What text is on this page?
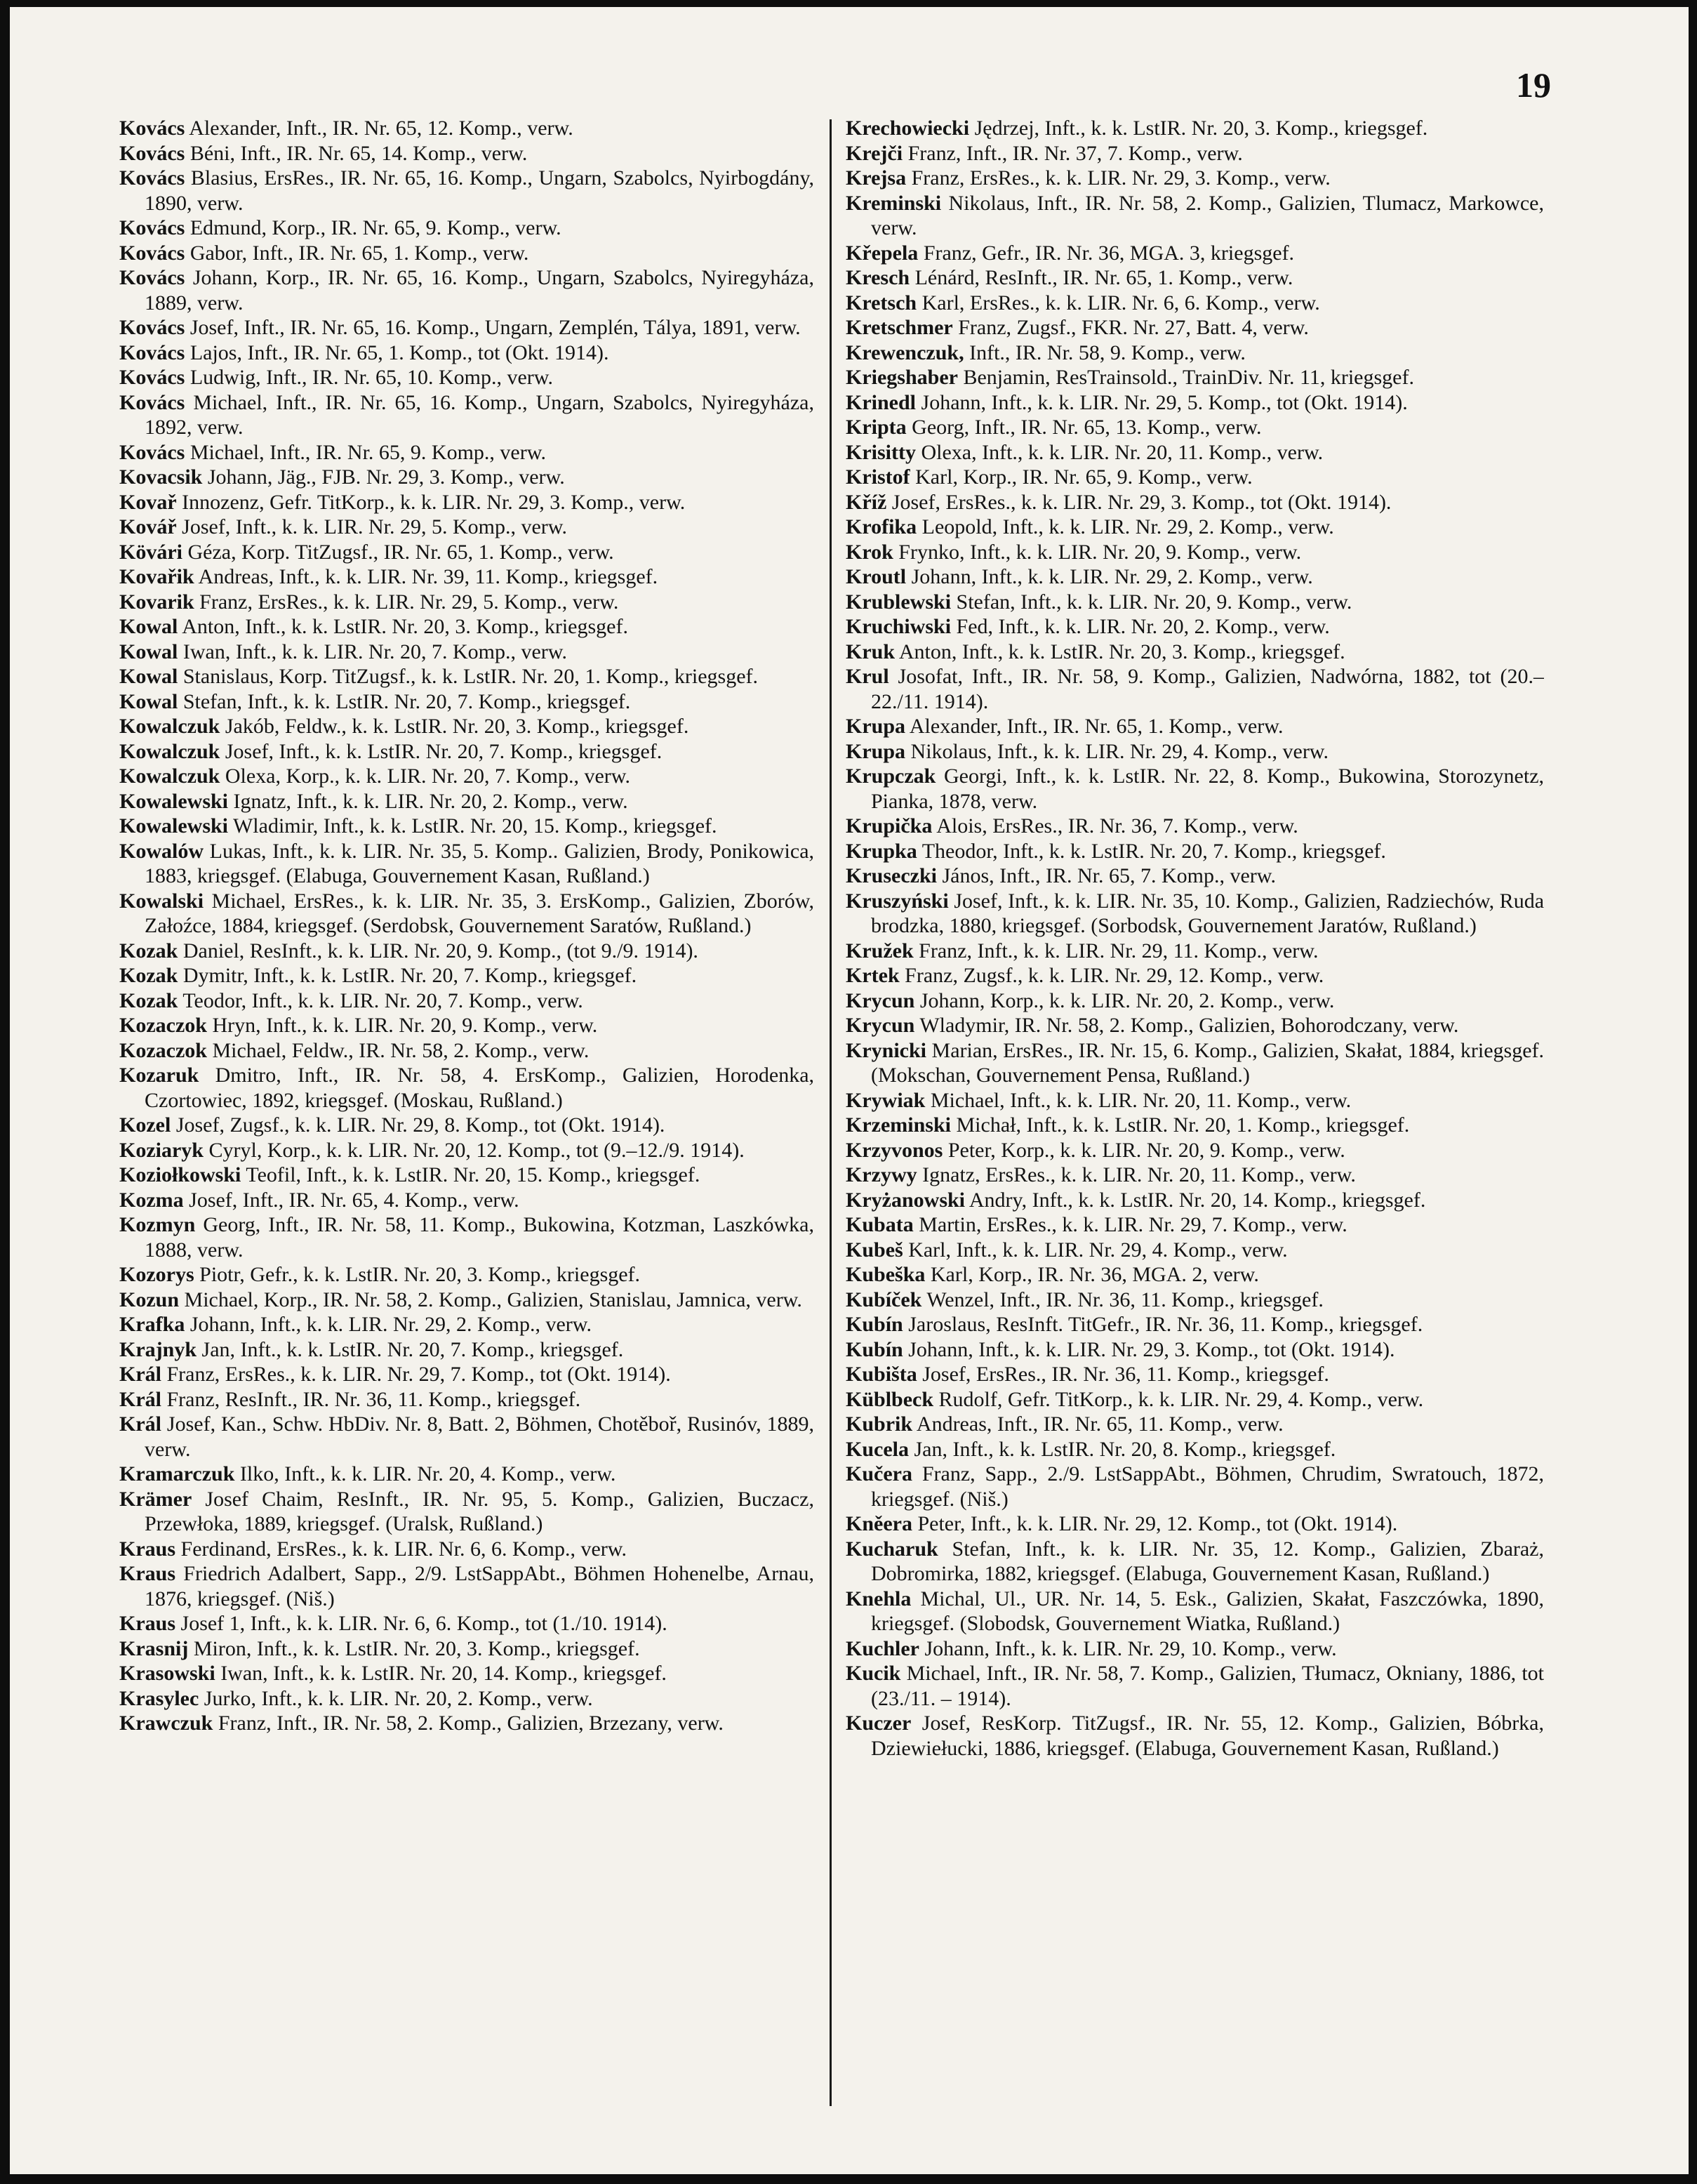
19

Kovács Alexander, Inft., IR. Nr. 65, 12. Komp., verw.

Kovács Béni, Inft., IR. Nr. 65, 14. Komp., verw.

Kovács Blasius, ErsRes., IR. Nr. 65, 16. Komp., Ungarn, Szabolcs, Nyirbogdány, 1890, verw.

Kovács Edmund, Korp., IR. Nr. 65, 9. Komp., verw.

Kovács Gabor, Inft., IR. Nr. 65, 1. Komp., verw.

Kovács Johann, Korp., IR. Nr. 65, 16. Komp., Ungarn, Szabolcs, Nyiregyháza, 1889, verw.

Kovács Josef, Inft., IR. Nr. 65, 16. Komp., Ungarn, Zemplén, Tályа, 1891, verw.

Kovács Lajos, Inft., IR. Nr. 65, 1. Komp., tot (Okt. 1914).

Kovács Ludwig, Inft., IR. Nr. 65, 10. Komp., verw.

Kovács Michael, Inft., IR. Nr. 65, 16. Komp., Ungarn, Szabolcs, Nyiregyháza, 1892, verw.

Kovács Michael, Inft., IR. Nr. 65, 9. Komp., verw.

Kovacsik Johann, Jäg., FJB. Nr. 29, 3. Komp., verw.

Kovař Innozenz, Gefr. TitKorp., k. k. LIR. Nr. 29, 3. Komp., verw.

Kovář Josef, Inft., k. k. LIR. Nr. 29, 5. Komp., verw.

Kövári Géza, Korp. TitZugsf., IR. Nr. 65, 1. Komp., verw.

Kovařik Andreas, Inft., k. k. LIR. Nr. 39, 11. Komp., kriegsgef.

Kovarik Franz, ErsRes., k. k. LIR. Nr. 29, 5. Komp., verw.

Kowal Anton, Inft., k. k. LstIR. Nr. 20, 3. Komp., kriegsgef.

Kowal Iwan, Inft., k. k. LIR. Nr. 20, 7. Komp., verw.

Kowal Stanislaus, Korp. TitZugsf., k. k. LstIR. Nr. 20, 1. Komp., kriegsgef.

Kowal Stefan, Inft., k. k. LstIR. Nr. 20, 7. Komp., kriegsgef.

Kowalczuk Jakób, Feldw., k. k. LstIR. Nr. 20, 3. Komp., kriegsgef.

Kowalczuk Josef, Inft., k. k. LstIR. Nr. 20, 7. Komp., kriegsgef.

Kowalczuk Olexa, Korp., k. k. LIR. Nr. 20, 7. Komp., verw.

Kowalewski Ignatz, Inft., k. k. LIR. Nr. 20, 2. Komp., verw.

Kowalewski Wladimir, Inft., k. k. LstIR. Nr. 20, 15. Komp., kriegsgef.

Kowalów Lukas, Inft., k. k. LIR. Nr. 35, 5. Komp.. Galizien, Brody, Ponikowica, 1883, kriegsgef. (Elabuga, Gouvernement Kasan, Rußland.)

Kowalski Michael, ErsRes., k. k. LIR. Nr. 35, 3. ErsKomp., Galizien, Zborów, Załoźce, 1884, kriegsgef. (Serdobsk, Gouvernement Saratów, Rußland.)

Kozak Daniel, ResInft., k. k. LIR. Nr. 20, 9. Komp., (tot 9./9. 1914).

Kozak Dymitr, Inft., k. k. LstIR. Nr. 20, 7. Komp., kriegsgef.

Kozak Teodor, Inft., k. k. LIR. Nr. 20, 7. Komp., verw.

Kozaczok Hryn, Inft., k. k. LIR. Nr. 20, 9. Komp., verw.

Kozaczok Michael, Feldw., IR. Nr. 58, 2. Komp., verw.

Kozaruk Dmitro, Inft., IR. Nr. 58, 4. ErsKomp., Galizien, Horodenka, Czortowiec, 1892, kriegsgef. (Moskau, Rußland.)

Kozel Josef, Zugsf., k. k. LIR. Nr. 29, 8. Komp., tot (Okt. 1914).

Koziaryk Cyryl, Korp., k. k. LIR. Nr. 20, 12. Komp., tot (9.–12./9. 1914).

Koziołkowski Teofil, Inft., k. k. LstIR. Nr. 20, 15. Komp., kriegsgef.

Kozma Josef, Inft., IR. Nr. 65, 4. Komp., verw.

Kozmyn Georg, Inft., IR. Nr. 58, 11. Komp., Bukowina, Kotzman, Laszkówka, 1888, verw.

Kozorys Piotr, Gefr., k. k. LstIR. Nr. 20, 3. Komp., kriegsgef.

Kozun Michael, Korp., IR. Nr. 58, 2. Komp., Galizien, Stanislau, Jamnica, verw.

Krafka Johann, Inft., k. k. LIR. Nr. 29, 2. Komp., verw.

Krajnyk Jan, Inft., k. k. LstIR. Nr. 20, 7. Komp., kriegsgef.

Král Franz, ErsRes., k. k. LIR. Nr. 29, 7. Komp., tot (Okt. 1914).

Král Franz, ResInft., IR. Nr. 36, 11. Komp., kriegsgef.

Král Josef, Kan., Schw. HbDiv. Nr. 8, Batt. 2, Böhmen, Chotěboř, Rusinóv, 1889, verw.

Kramarczuk Ilko, Inft., k. k. LIR. Nr. 20, 4. Komp., verw.

Krämer Josef Chaim, ResInft., IR. Nr. 95, 5. Komp., Galizien, Buczacz, Przewłoka, 1889, kriegsgef. (Uralsk, Rußland.)

Kraus Ferdinand, ErsRes., k. k. LIR. Nr. 6, 6. Komp., verw.

Kraus Friedrich Adalbert, Sapp., 2/9. LstSappAbt., Böhmen Hohenelbe, Arnau, 1876, kriegsgef. (Niš.)

Kraus Josef 1, Inft., k. k. LIR. Nr. 6, 6. Komp., tot (1./10. 1914).

Krasnij Miron, Inft., k. k. LstIR. Nr. 20, 3. Komp., kriegsgef.

Krasowski Iwan, Inft., k. k. LstIR. Nr. 20, 14. Komp., kriegsgef.

Krasylec Jurko, Inft., k. k. LIR. Nr. 20, 2. Komp., verw.

Krawczuk Franz, Inft., IR. Nr. 58, 2. Komp., Galizien, Brzezany, verw.

Krechowiecki Jędrzej, Inft., k. k. LstIR. Nr. 20, 3. Komp., kriegsgef.

Krejči Franz, Inft., IR. Nr. 37, 7. Komp., verw.

Krejsa Franz, ErsRes., k. k. LIR. Nr. 29, 3. Komp., verw.

Kreminski Nikolaus, Inft., IR. Nr. 58, 2. Komp., Galizien, Tlumacz, Markowce, verw.

Křepela Franz, Gefr., IR. Nr. 36, MGA. 3, kriegsgef.

Kresch Lénárd, ResInft., IR. Nr. 65, 1. Komp., verw.

Kretsch Karl, ErsRes., k. k. LIR. Nr. 6, 6. Komp., verw.

Kretschmer Franz, Zugsf., FKR. Nr. 27, Batt. 4, verw.

Krewenczuk, Inft., IR. Nr. 58, 9. Komp., verw.

Kriegshaber Benjamin, ResTrainsold., TrainDiv. Nr. 11, kriegsgef.

Krinedl Johann, Inft., k. k. LIR. Nr. 29, 5. Komp., tot (Okt. 1914).

Kripta Georg, Inft., IR. Nr. 65, 13. Komp., verw.

Krisitty Olexa, Inft., k. k. LIR. Nr. 20, 11. Komp., verw.

Kristof Karl, Korp., IR. Nr. 65, 9. Komp., verw.

Kříž Josef, ErsRes., k. k. LIR. Nr. 29, 3. Komp., tot (Okt. 1914).

Krofika Leopold, Inft., k. k. LIR. Nr. 29, 2. Komp., verw.

Krok Frynko, Inft., k. k. LIR. Nr. 20, 9. Komp., verw.

Kroutl Johann, Inft., k. k. LIR. Nr. 29, 2. Komp., verw.

Krublewski Stefan, Inft., k. k. LIR. Nr. 20, 9. Komp., verw.

Kruchiwski Fed, Inft., k. k. LIR. Nr. 20, 2. Komp., verw.

Kruk Anton, Inft., k. k. LstIR. Nr. 20, 3. Komp., kriegsgef.

Krul Josofat, Inft., IR. Nr. 58, 9. Komp., Galizien, Nadwórna, 1882, tot (20.–22./11. 1914).

Krupa Alexander, Inft., IR. Nr. 65, 1. Komp., verw.

Krupa Nikolaus, Inft., k. k. LIR. Nr. 29, 4. Komp., verw.

Krupczak Georgi, Inft., k. k. LstIR. Nr. 22, 8. Komp., Bukowina, Storozynetz, Pianka, 1878, verw.

Krupička Alois, ErsRes., IR. Nr. 36, 7. Komp., verw.

Krupka Theodor, Inft., k. k. LstIR. Nr. 20, 7. Komp., kriegsgef.

Kruseczki János, Inft., IR. Nr. 65, 7. Komp., verw.

Kruszyński Josef, Inft., k. k. LIR. Nr. 35, 10. Komp., Galizien, Radziechów, Ruda brodzka, 1880, kriegsgef. (Sorbodsk, Gouvernement Jaratów, Rußland.)

Kružek Franz, Inft., k. k. LIR. Nr. 29, 11. Komp., verw.

Krtek Franz, Zugsf., k. k. LIR. Nr. 29, 12. Komp., verw.

Krycun Johann, Korp., k. k. LIR. Nr. 20, 2. Komp., verw.

Krycun Wladymir, IR. Nr. 58, 2. Komp., Galizien, Bohorodczany, verw.

Krynicki Marian, ErsRes., IR. Nr. 15, 6. Komp., Galizien, Skałat, 1884, kriegsgef. (Mokschan, Gouvernement Pensa, Rußland.)

Krywiak Michael, Inft., k. k. LIR. Nr. 20, 11. Komp., verw.

Krzeminski Michał, Inft., k. k. LstIR. Nr. 20, 1. Komp., kriegsgef.

Krzyvonos Peter, Korp., k. k. LIR. Nr. 20, 9. Komp., verw.

Krzywy Ignatz, ErsRes., k. k. LIR. Nr. 20, 11. Komp., verw.

Kryżanowski Andry, Inft., k. k. LstIR. Nr. 20, 14. Komp., kriegsgef.

Kubata Martin, ErsRes., k. k. LIR. Nr. 29, 7. Komp., verw.

Kubeš Karl, Inft., k. k. LIR. Nr. 29, 4. Komp., verw.

Kubeška Karl, Korp., IR. Nr. 36, MGA. 2, verw.

Kubíček Wenzel, Inft., IR. Nr. 36, 11. Komp., kriegsgef.

Kubín Jaroslaus, ResInft. TitGefr., IR. Nr. 36, 11. Komp., kriegsgef.

Kubín Johann, Inft., k. k. LIR. Nr. 29, 3. Komp., tot (Okt. 1914).

Kubišta Josef, ErsRes., IR. Nr. 36, 11. Komp., kriegsgef.

Küblbeck Rudolf, Gefr. TitKorp., k. k. LIR. Nr. 29, 4. Komp., verw.

Kubrik Andreas, Inft., IR. Nr. 65, 11. Komp., verw.

Kucela Jan, Inft., k. k. LstIR. Nr. 20, 8. Komp., kriegsgef.

Kučera Franz, Sapp., 2./9. LstSappAbt., Böhmen, Chrudim, Swratouch, 1872, kriegsgef. (Niš.)

Kněera Peter, Inft., k. k. LIR. Nr. 29, 12. Komp., tot (Okt. 1914).

Kucharuk Stefan, Inft., k. k. LIR. Nr. 35, 12. Komp., Galizien, Zbaraż, Dobromirka, 1882, kriegsgef. (Elabuga, Gouvernement Kasan, Rußland.)

Knehla Michal, Ul., UR. Nr. 14, 5. Esk., Galizien, Skałat, Faszczówka, 1890, kriegsgef. (Slobodsk, Gouvernement Wiatka, Rußland.)

Kuchler Johann, Inft., k. k. LIR. Nr. 29, 10. Komp., verw.

Kucik Michael, Inft., IR. Nr. 58, 7. Komp., Galizien, Tłumacz, Okniany, 1886, tot (23./11. – 1914).

Kuczer Josef, ResKorp. TitZugsf., IR. Nr. 55, 12. Komp., Galizien, Bóbrka, Dziewiełucki, 1886, kriegsgef. (Elabuga, Gouvernement Kasan, Rußland.)
